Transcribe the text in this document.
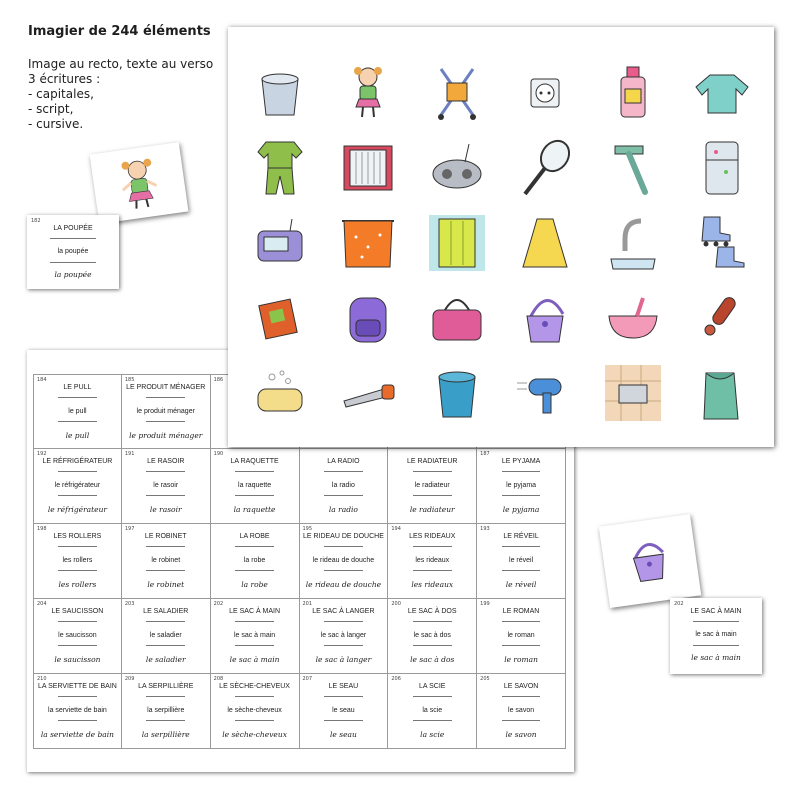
Imagier de 244 éléments
Image au recto, texte au verso
3 écritures :
- capitales,
- script,
- cursive.
182
LA POUPÉE
la poupée
la poupée
184
LE PULL
le pull
le pull
185
LE PRODUIT MÉNAGER
le produit ménager
le produit ménager
186
192
LE RÉFRIGÉRATEUR
le réfrigérateur
le réfrigérateur
191
LE RASOIR
le rasoir
le rasoir
190
LA RAQUETTE
la raquette
la raquette
LA RADIO
la radio
la radio
LE RADIATEUR
le radiateur
le radiateur
187
LE PYJAMA
le pyjama
le pyjama
198
LES ROLLERS
les rollers
les rollers
197
LE ROBINET
le robinet
le robinet
LA ROBE
la robe
la robe
195
LE RIDEAU DE DOUCHE
le rideau de douche
le rideau de douche
194
LES RIDEAUX
les rideaux
les rideaux
193
LE RÉVEIL
le réveil
le réveil
204
LE SAUCISSON
le saucisson
le saucisson
203
LE SALADIER
le saladier
le saladier
202
LE SAC À MAIN
le sac à main
le sac à main
201
LE SAC À LANGER
le sac à langer
le sac à langer
200
LE SAC À DOS
le sac à dos
le sac à dos
199
LE ROMAN
le roman
le roman
210
LA SERVIETTE DE BAIN
la serviette de bain
la serviette de bain
209
LA SERPILLIÈRE
la serpillière
la serpillière
208
LE SÈCHE-CHEVEUX
le sèche-cheveux
le sèche-cheveux
207
LE SEAU
le seau
le seau
206
LA SCIE
la scie
la scie
205
LE SAVON
le savon
le savon
202
LE SAC À MAIN
le sac à main
le sac à main
